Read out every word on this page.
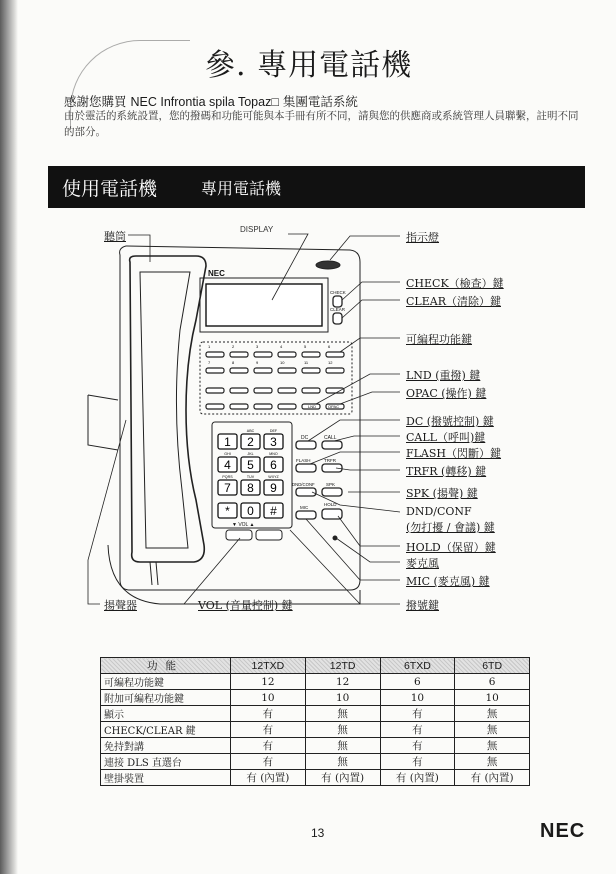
參. 專用電話機
感謝您購買 NEC Infrontia spila Topaz□ 集團電話系統
由於靈活的系統設置，您的撥碼和功能可能與本手冊有所不同，請與您的供應商或系統管理人員聯繫，註明不同的部分。
使用電話機	專用電話機
1	2	3	4	5	6
7	8	9	10	11	12
1 2
ABC
3
DEF
4
GHI
5
JKL
6
MNO
7
PQRS
8
TUV
9
WXYZ
* 0 #
NEC
CHECK
CLEAR
DC	CALL
FLASH	TRFR
DND/CONF	SPK
MIC
HOLD
LND	OPAC
▼ VOL ▲
聽筒
DISPLAY
指示燈
CHECK（檢查）鍵
CLEAR（清除）鍵
可編程功能鍵
LND (重撥) 鍵
OPAC (操作) 鍵
DC (撥號控制) 鍵
CALL（呼叫)鍵
FLASH（閃斷）鍵
TRFR (轉移) 鍵
SPK (揚聲) 鍵
DND/CONF
(勿打擾 / 會議) 鍵
HOLD（保留）鍵
麥克風
MIC (麥克風) 鍵
撥號鍵
揚聲器	VOL (音量控制) 鍵
功能	12TXD	12TD	6TXD	6TD
可編程功能鍵	12	12	6	6
附加可編程功能鍵	10	10	10	10
顯示	有	無	有	無
CHECK/CLEAR 鍵	有	無	有	無
免持對講	有	無	有	無
連接 DLS 直選台	有	無	有	無
壁掛裝置	有 (內置)	有 (內置)	有 (內置)	有 (內置)
13	NEC
